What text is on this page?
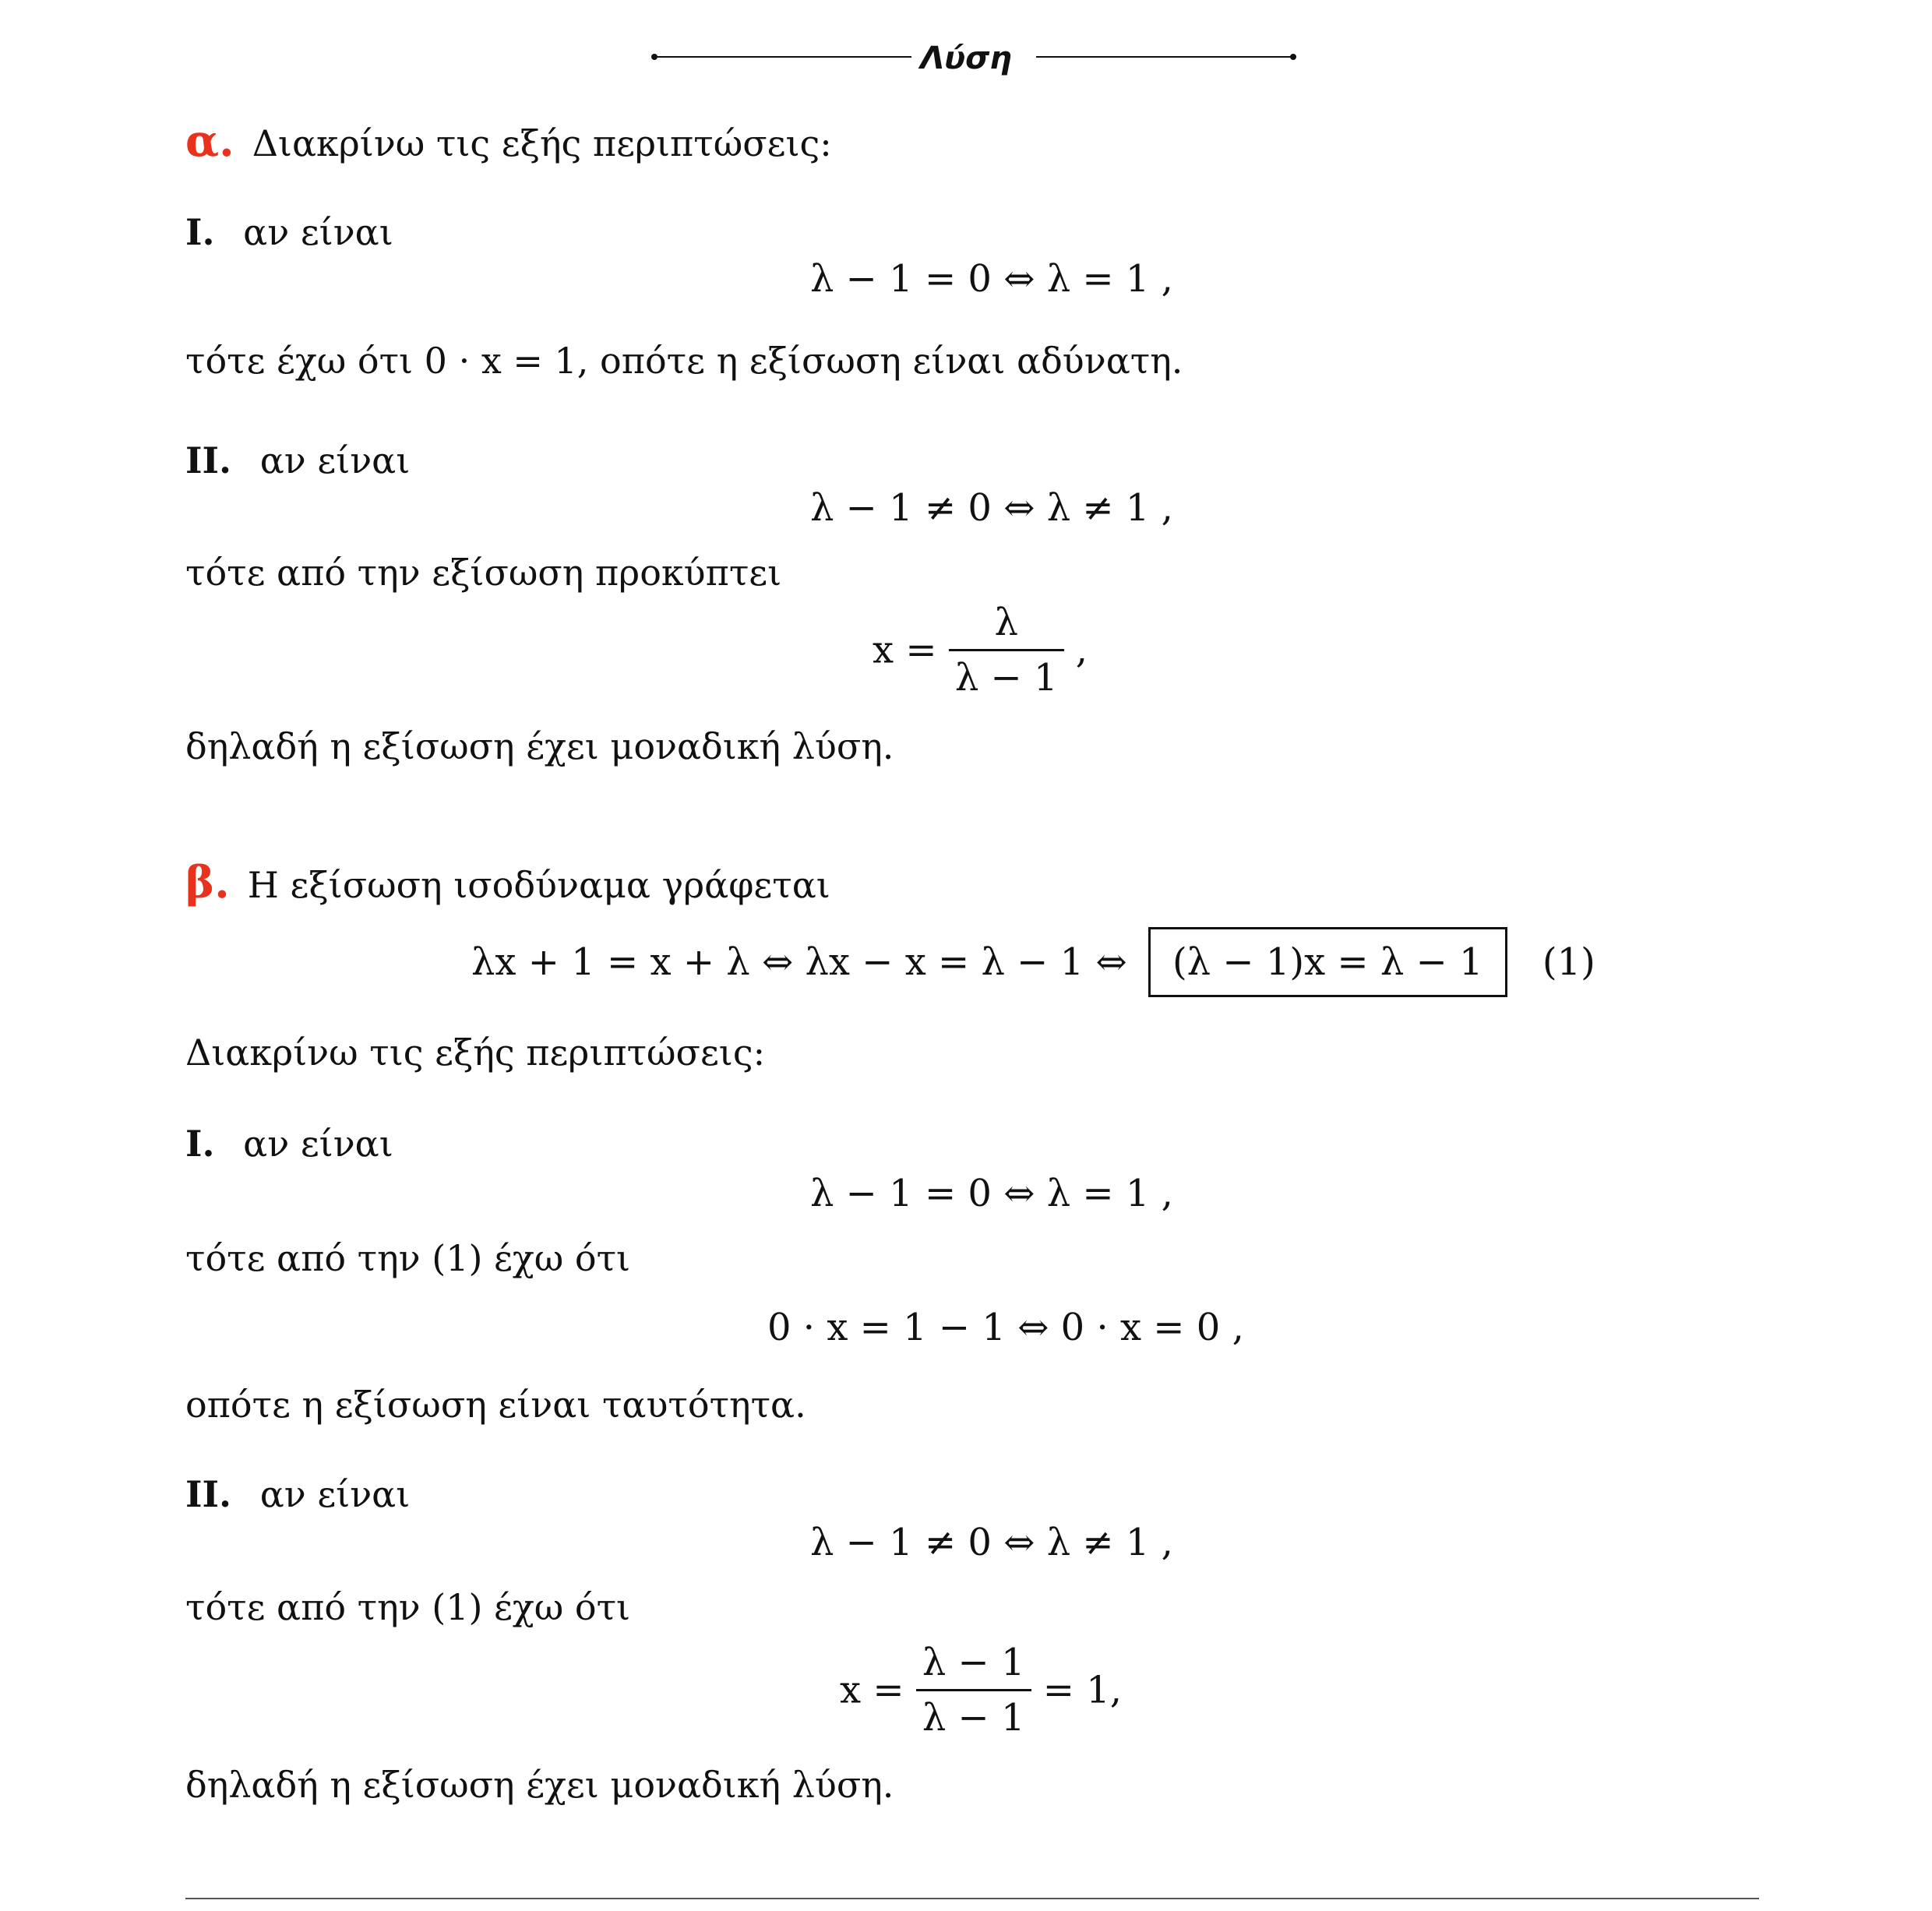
Λύση
α. Διακρίνω τις εξής περιπτώσεις:
I. αν είναι
λ − 1 = 0 ⇔ λ = 1 ,
τότε έχω ότι 0 · x = 1, οπότε η εξίσωση είναι αδύνατη.
II. αν είναι
λ − 1 ≠ 0 ⇔ λ ≠ 1 ,
τότε από την εξίσωση προκύπτει
$x = \frac{\lambda}{\lambda - 1}$ ,
δηλαδή η εξίσωση έχει μοναδική λύση.
β. Η εξίσωση ισοδύναμα γράφεται
λx + 1 = x + λ ⇔ λx − x = λ − 1 ⇔ (λ − 1)x = λ − 1 (1)
Διακρίνω τις εξής περιπτώσεις:
I. αν είναι
λ − 1 = 0 ⇔ λ = 1 ,
τότε από την (1) έχω ότι
0 · x = 1 − 1 ⇔ 0 · x = 0 ,
οπότε η εξίσωση είναι ταυτότητα.
II. αν είναι
λ − 1 ≠ 0 ⇔ λ ≠ 1 ,
τότε από την (1) έχω ότι
$x = \frac{\lambda - 1}{\lambda - 1} = 1$,
δηλαδή η εξίσωση έχει μοναδική λύση.
